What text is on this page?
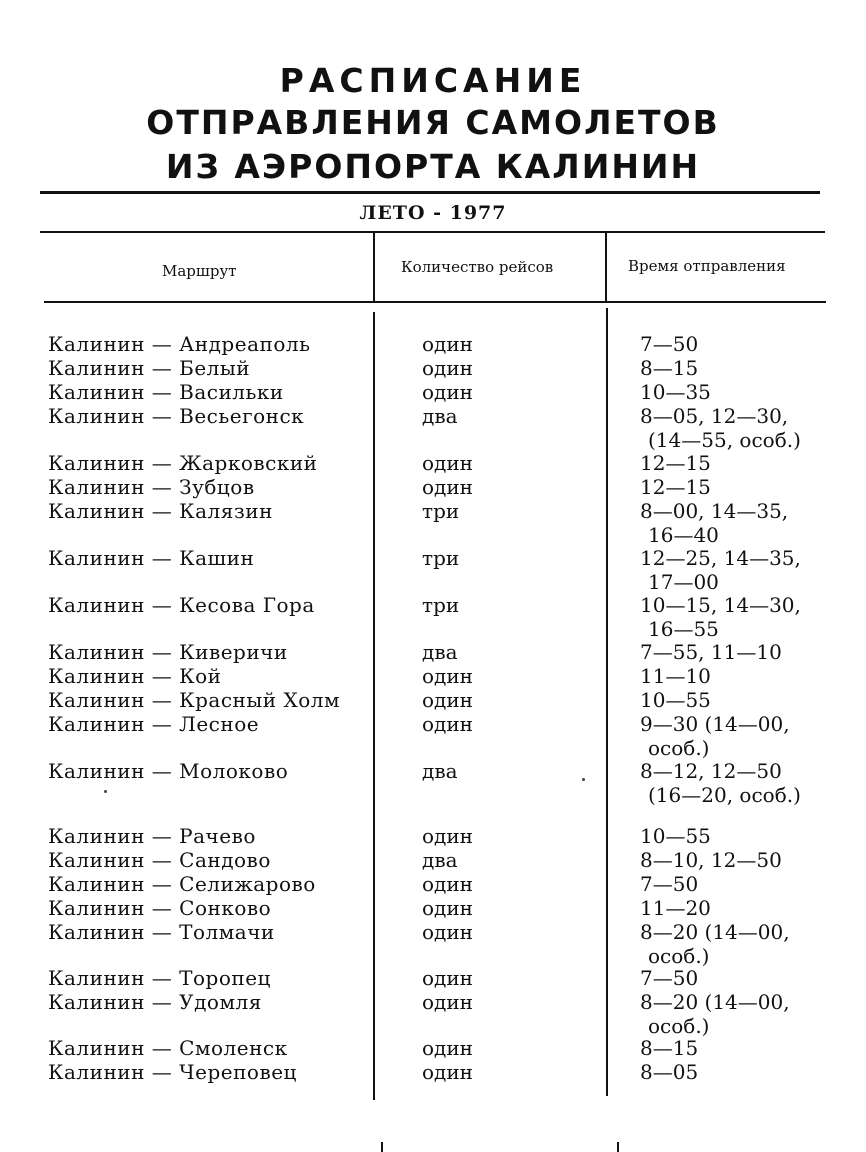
РАСПИСАНИЕ
ОТПРАВЛЕНИЯ САМОЛЕТОВ
ИЗ АЭРОПОРТА КАЛИНИН
ЛЕТО - 1977
Маршрут	Количество рейсов	Время отправления
Калинин — Андреаполь	один	7—50
Калинин — Белый	один	8—15
Калинин — Васильки	один	10—35
Калинин — Весьегонск	два	8—05, 12—30,
(14—55, особ.)
Калинин — Жарковский	один	12—15
Калинин — Зубцов	один	12—15
Калинин — Калязин	три	8—00, 14—35,
16—40
Калинин — Кашин	три	12—25, 14—35,
17—00
Калинин — Кесова Гора	три	10—15, 14—30,
16—55
Калинин — Кивеpичи	два	7—55, 11—10
Калинин — Кой	один	11—10
Калинин — Красный Холм	один	10—55
Калинин — Лесное	один	9—30 (14—00,
особ.)
Калинин — Молоково	два	8—12, 12—50
(16—20, особ.)
Калинин — Рачево	один	10—55
Калинин — Сандово	два	8—10, 12—50
Калинин — Селижарово	один	7—50
Калинин — Сонково	один	11—20
Калинин — Толмачи	один	8—20 (14—00,
особ.)
Калинин — Торопец	один	7—50
Калинин — Удомля	один	8—20 (14—00,
особ.)
Калинин — Смоленск	один	8—15
Калинин — Череповец	один	8—05
